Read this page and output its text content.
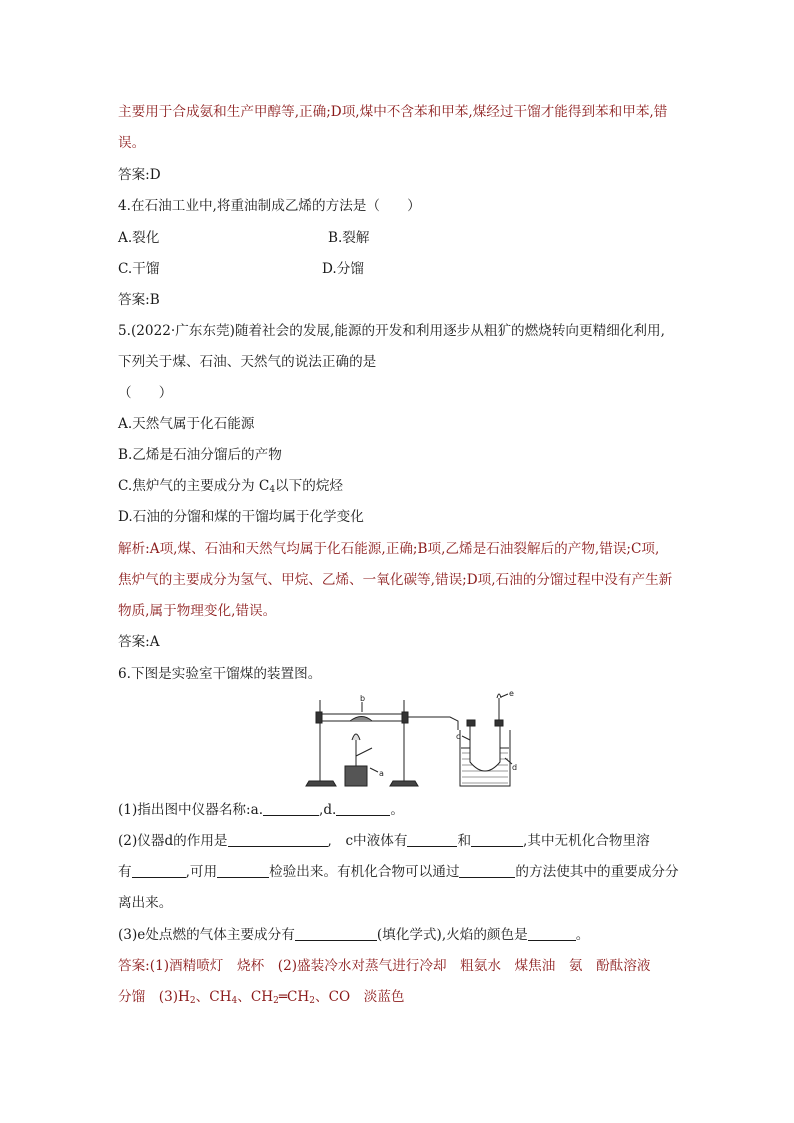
主要用于合成氨和生产甲醇等,正确;D项,煤中不含苯和甲苯,煤经过干馏才能得到苯和甲苯,错
误。
答案:D
4.在石油工业中,将重油制成乙烯的方法是（　　）
A.裂化	B.裂解
C.干馏	D.分馏
答案:B
5.(2022·广东东莞)随着社会的发展,能源的开发和利用逐步从粗犷的燃烧转向更精细化利用,
下列关于煤、石油、天然气的说法正确的是
（　　）
A.天然气属于化石能源
B.乙烯是石油分馏后的产物
C.焦炉气的主要成分为 $C_4$以下的烷烃
D.石油的分馏和煤的干馏均属于化学变化
解析:A项,煤、石油和天然气均属于化石能源,正确;B项,乙烯是石油裂解后的产物,错误;C项,
焦炉气的主要成分为氢气、甲烷、乙烯、一氧化碳等,错误;D项,石油的分馏过程中没有产生新
物质,属于物理变化,错误。
答案:A
6.下图是实验室干馏煤的装置图。
b
a
c
d
e
(1)指出图中仪器名称:a.	,d.	。
(2)仪器d的作用是	,　c中液体有	和	,其中无机化合物里溶
有	,可用	检验出来。有机化合物可以通过	的方法使其中的重要成分分
离出来。
(3)e处点燃的气体主要成分有	(填化学式),火焰的颜色是	。
答案:(1)酒精喷灯　烧杯　(2)盛装冷水对蒸气进行冷却　粗氨水　煤焦油　氨　酚酞溶液
分馏　$(3)H_2$、$CH_4$、$CH_2═CH_2$、CO　淡蓝色
